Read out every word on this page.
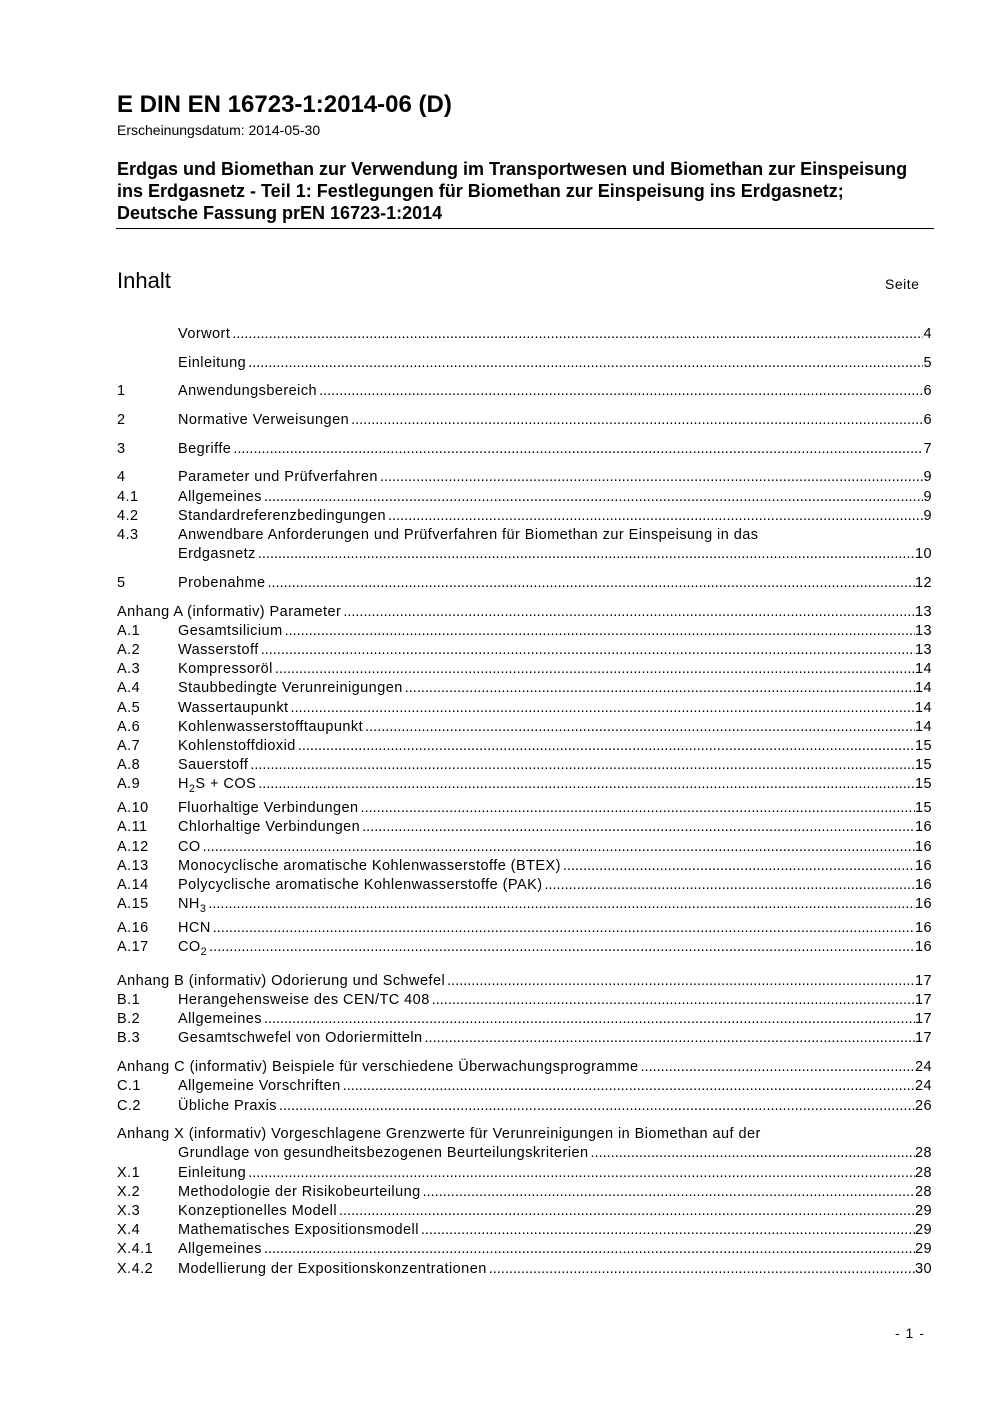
E DIN EN 16723-1:2014-06 (D)
Erscheinungsdatum: 2014-05-30
Erdgas und Biomethan zur Verwendung im Transportwesen und Biomethan zur Einspeisung ins Erdgasnetz - Teil 1: Festlegungen für Biomethan zur Einspeisung ins Erdgasnetz; Deutsche Fassung prEN 16723-1:2014
Inhalt	Seite
Vorwort .....	4
Einleitung .....	5
1	Anwendungsbereich .....	6
2	Normative Verweisungen .....	6
3	Begriffe .....	7
4	Parameter und Prüfverfahren .....	9
4.1	Allgemeines .....	9
4.2	Standardreferenzbedingungen .....	9
4.3	Anwendbare Anforderungen und Prüfverfahren für Biomethan zur Einspeisung in das
Erdgasnetz .....	10
5	Probenahme .....	12
Anhang A (informativ) Parameter .....	13
A.1	Gesamtsilicium .....	13
A.2	Wasserstoff .....	13
A.3	Kompressoröl .....	14
A.4	Staubbedingte Verunreinigungen .....	14
A.5	Wassertaupunkt .....	14
A.6	Kohlenwasserstofftaupunkt .....	14
A.7	Kohlenstoffdioxid .....	15
A.8	Sauerstoff .....	15
A.9	$H_2S$ + COS .....	15
A.10	Fluorhaltige Verbindungen .....	15
A.11	Chlorhaltige Verbindungen .....	16
A.12	CO .....	16
A.13	Monocyclische aromatische Kohlenwasserstoffe (BTEX) .....	16
A.14	Polycyclische aromatische Kohlenwasserstoffe (PAK) .....	16
A.15	$NH_3$ .....	16
A.16	HCN .....	16
A.17	$CO_2$ .....	16
Anhang B (informativ) Odorierung und Schwefel .....	17
B.1	Herangehensweise des CEN/TC 408 .....	17
B.2	Allgemeines .....	17
B.3	Gesamtschwefel von Odoriermitteln .....	17
Anhang C (informativ) Beispiele für verschiedene Überwachungsprogramme .....	24
C.1	Allgemeine Vorschriften .....	24
C.2	Übliche Praxis .....	26
Anhang X (informativ) Vorgeschlagene Grenzwerte für Verunreinigungen in Biomethan auf der
Grundlage von gesundheitsbezogenen Beurteilungskriterien .....	28
X.1	Einleitung .....	28
X.2	Methodologie der Risikobeurteilung .....	28
X.3	Konzeptionelles Modell .....	29
X.4	Mathematisches Expositionsmodell .....	29
X.4.1	Allgemeines .....	29
X.4.2	Modellierung der Expositionskonzentrationen .....	30
- 1 -
